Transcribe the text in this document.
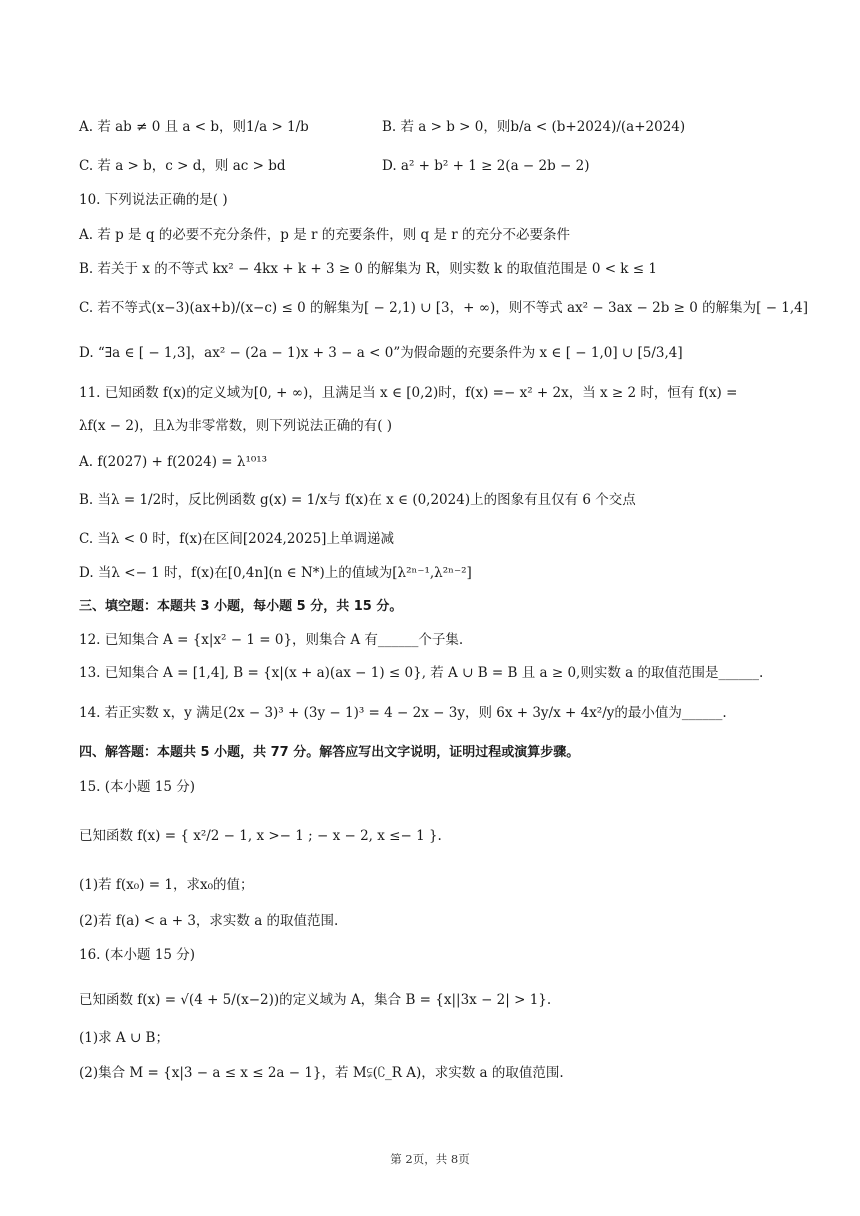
A. 若 ab ≠ 0 且 a < b，则1/a > 1/b
C. 若 a > b，c > d，则 ac > bd
10. 下列说法正确的是( )
A. 若 p 是 q 的必要不充分条件，p 是 r 的充要条件，则 q 是 r 的充分不必要条件
B. 若关于 x 的不等式 kx² − 4kx + k + 3 ≥ 0 的解集为 R，则实数 k 的取值范围是 0 < k ≤ 1
C. 若不等式(x−3)(ax+b)/(x−c) ≤ 0 的解集为[ − 2,1) ∪ [3，+ ∞)，则不等式 ax² − 3ax − 2b ≥ 0 的解集为[ − 1,4]
D. “∃a ∈ [ − 1,3]，ax² − (2a − 1)x + 3 − a < 0”为假命题的充要条件为 x ∈ [ − 1,0] ∪ [5/3,4]
11. 已知函数 f(x)的定义域为[0, + ∞)，且满足当 x ∈ [0,2)时，f(x) =− x² + 2x，当 x ≥ 2 时，恒有 f(x) =
λf(x − 2)，且λ为非零常数，则下列说法正确的有( )
A. f(2027) + f(2024) = λ¹⁰¹³
B. 当λ = 1/2时，反比例函数 g(x) = 1/x与 f(x)在 x ∈ (0,2024)上的图象有且仅有 6 个交点
C. 当λ < 0 时，f(x)在区间[2024,2025]上单调递减
D. 当λ <− 1 时，f(x)在[0,4n](n ∈ N*)上的值域为[λ²ⁿ⁻¹,λ²ⁿ⁻²]
三、填空题：本题共 3 小题，每小题 5 分，共 15 分。
12. 已知集合 A = {x|x² − 1 = 0}，则集合 A 有______个子集.
13. 已知集合 A = [1,4], B = {x|(x + a)(ax − 1) ≤ 0}, 若 A ∪ B = B 且 a ≥ 0,则实数 a 的取值范围是______.
14. 若正实数 x，y 满足(2x − 3)³ + (3y − 1)³ = 4 − 2x − 3y，则 6x + 3y/x + 4x²/y的最小值为______.
四、解答题：本题共 5 小题，共 77 分。解答应写出文字说明，证明过程或演算步骤。
15. (本小题 15 分)
已知函数 f(x) = { x²/2 − 1, x >− 1 ; − x − 2, x ≤− 1 }.
(1)若 f(x₀) = 1，求x₀的值；
(2)若 f(a) < a + 3，求实数 a 的取值范围.
16. (本小题 15 分)
已知函数 f(x) = √(4 + 5/(x−2))的定义域为 A，集合 B = {x||3x − 2| > 1}.
(1)求 A ∪ B；
(2)集合 M = {x|3 − a ≤ x ≤ 2a − 1}，若 M⫋(∁_R A)，求实数 a 的取值范围.
B. 若 a > b > 0，则b/a < (b+2024)/(a+2024)
D. a² + b² + 1 ≥ 2(a − 2b − 2)
第 2页，共 8页
